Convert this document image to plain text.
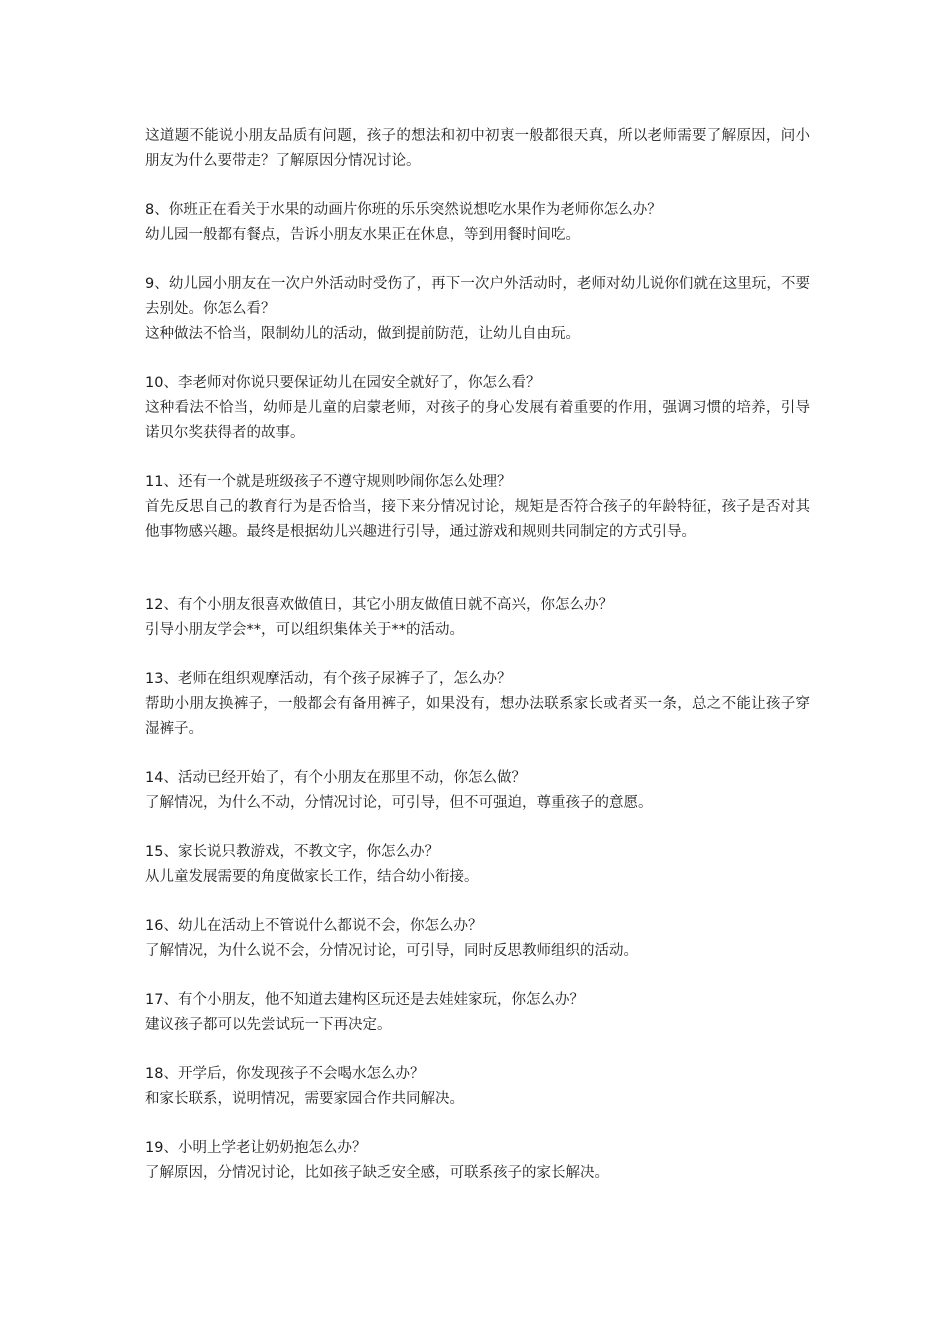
这道题不能说小朋友品质有问题，孩子的想法和初中初衷一般都很天真，所以老师需要了解原因，问小朋友为什么要带走？了解原因分情况讨论。
8、你班正在看关于水果的动画片你班的乐乐突然说想吃水果作为老师你怎么办？
幼儿园一般都有餐点，告诉小朋友水果正在休息，等到用餐时间吃。
9、幼儿园小朋友在一次户外活动时受伤了，再下一次户外活动时，老师对幼儿说你们就在这里玩，不要去别处。你怎么看？
这种做法不恰当，限制幼儿的活动，做到提前防范，让幼儿自由玩。
10、李老师对你说只要保证幼儿在园安全就好了，你怎么看？
这种看法不恰当，幼师是儿童的启蒙老师，对孩子的身心发展有着重要的作用，强调习惯的培养，引导诺贝尔奖获得者的故事。
11、还有一个就是班级孩子不遵守规则吵闹你怎么处理？
首先反思自己的教育行为是否恰当，接下来分情况讨论，规矩是否符合孩子的年龄特征，孩子是否对其他事物感兴趣。最终是根据幼儿兴趣进行引导，通过游戏和规则共同制定的方式引导。
12、有个小朋友很喜欢做值日，其它小朋友做值日就不高兴，你怎么办？
引导小朋友学会**，可以组织集体关于**的活动。
13、老师在组织观摩活动，有个孩子尿裤子了，怎么办？
帮助小朋友换裤子，一般都会有备用裤子，如果没有，想办法联系家长或者买一条，总之不能让孩子穿湿裤子。
14、活动已经开始了，有个小朋友在那里不动，你怎么做？
了解情况，为什么不动，分情况讨论，可引导，但不可强迫，尊重孩子的意愿。
15、家长说只教游戏，不教文字，你怎么办？
从儿童发展需要的角度做家长工作，结合幼小衔接。
16、幼儿在活动上不管说什么都说不会，你怎么办？
了解情况，为什么说不会，分情况讨论，可引导，同时反思教师组织的活动。
17、有个小朋友，他不知道去建构区玩还是去娃娃家玩，你怎么办？
建议孩子都可以先尝试玩一下再决定。
18、开学后，你发现孩子不会喝水怎么办？
和家长联系，说明情况，需要家园合作共同解决。
19、小明上学老让奶奶抱怎么办？
了解原因，分情况讨论，比如孩子缺乏安全感，可联系孩子的家长解决。
